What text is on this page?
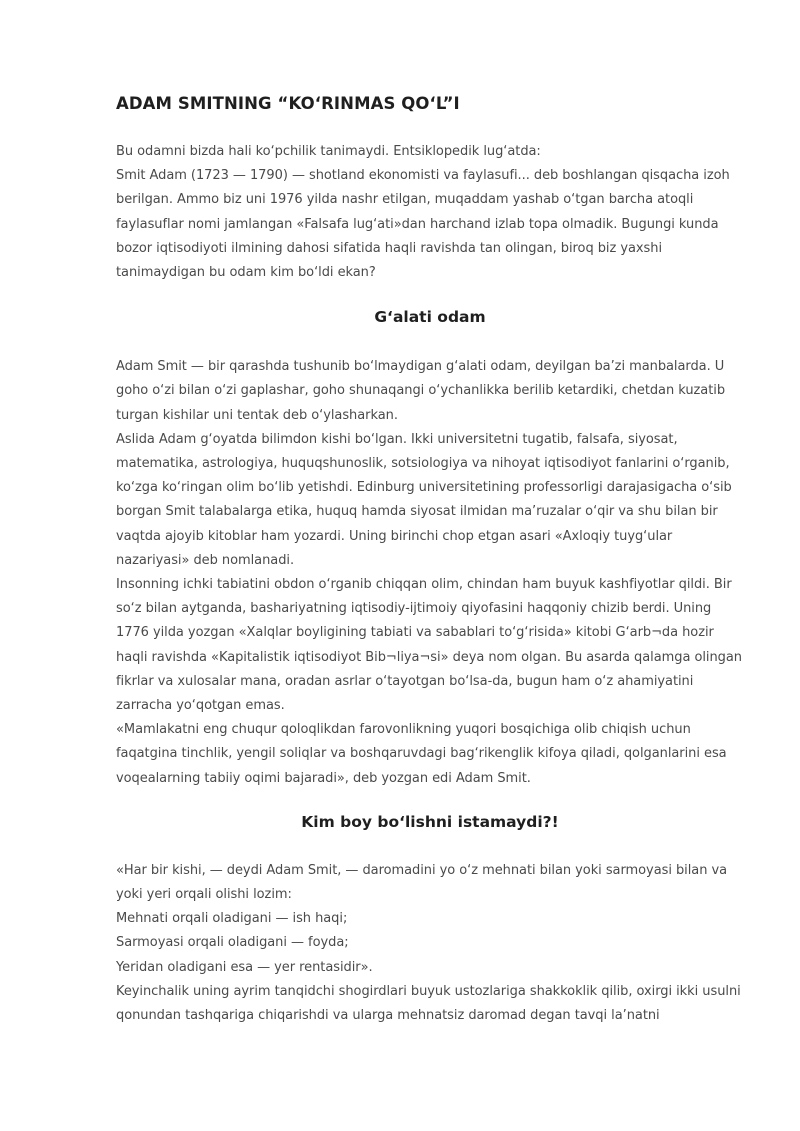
ADAM SMITNING “KO‘RINMAS QO‘L”I
Bu odamni bizda hali ko‘pchilik tanimaydi. Entsiklopedik lug‘atda:
Smit Adam (1723 — 1790) — shotland ekonomisti va faylasufi... deb boshlangan qisqacha izoh berilgan. Ammo biz uni 1976 yilda nashr etilgan, muqaddam yashab o‘tgan barcha atoqli faylasuflar nomi jamlangan «Falsafa lug‘ati»dan harchand izlab topa olmadik. Bugungi kunda bozor iqtisodiyoti ilmining dahosi sifatida haqli ravishda tan olingan, biroq biz yaxshi tanimaydigan bu odam kim bo‘ldi ekan?
G‘alati odam
Adam Smit — bir qarashda tushunib bo‘lmaydigan g‘alati odam, deyilgan ba’zi manbalarda. U goho o‘zi bilan o‘zi gaplashar, goho shunaqangi o‘ychanlikka berilib ketardiki, chetdan kuzatib turgan kishilar uni tentak deb o‘ylasharkan.
Aslida Adam g‘oyatda bilimdon kishi bo‘lgan. Ikki universitetni tugatib, falsafa, siyosat, matematika, astrologiya, huquqshunoslik, sotsiologiya va nihoyat iqtisodiyot fanlarini o‘rganib, ko‘zga ko‘ringan olim bo‘lib yetishdi. Edinburg universitetining professorligi darajasigacha o‘sib borgan Smit talabalarga etika, huquq hamda siyosat ilmidan ma’ruzalar o‘qir va shu bilan bir vaqtda ajoyib kitoblar ham yozardi. Uning birinchi chop etgan asari «Axloqiy tuyg‘ular nazariyasi» deb nomlanadi.
Insonning ichki tabiatini obdon o‘rganib chiqqan olim, chindan ham buyuk kashfiyotlar qildi. Bir so‘z bilan aytganda, bashariyatning iqtisodiy-ijtimoiy qiyofasini haqqoniy chizib berdi. Uning 1776 yilda yozgan «Xalqlar boyligining tabiati va sabablari to‘g‘risida» kitobi G‘arb¬da hozir haqli ravishda «Kapitalistik iqtisodiyot Bib¬liya¬si» deya nom olgan. Bu asarda qalamga olingan fikrlar va xulosalar mana, oradan asrlar o‘tayotgan bo‘lsa-da, bugun ham o‘z ahamiyatini zarracha yo‘qotgan emas.
«Mamlakatni eng chuqur qoloqlikdan farovonlikning yuqori bosqichiga olib chiqish uchun faqatgina tinchlik, yengil soliqlar va boshqaruvdagi bag‘rikenglik kifoya qiladi, qolganlarini esa voqealarning tabiiy oqimi bajaradi», deb yozgan edi Adam Smit.
Kim boy bo‘lishni istamaydi?!
«Har bir kishi, — deydi Adam Smit, — daromadini yo o‘z mehnati bilan yoki sarmoyasi bilan va yoki yeri orqali olishi lozim:
Mehnati orqali oladigani — ish haqi;
Sarmoyasi orqali oladigani — foyda;
Yeridan oladigani esa — yer rentasidir».
Keyinchalik uning ayrim tanqidchi shogirdlari buyuk ustozlariga shakkoklik qilib, oxirgi ikki usulni qonundan tashqariga chiqarishdi va ularga mehnatsiz daromad degan tavqi la’natni
